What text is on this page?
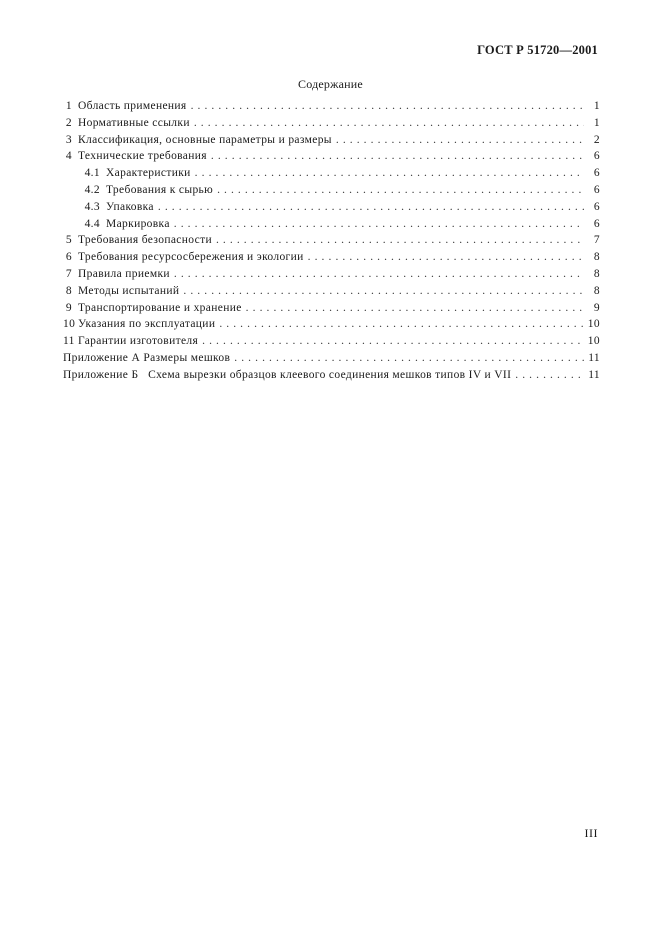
ГОСТ Р 51720—2001
Содержание
1 Область применения . . .	1
2 Нормативные ссылки . . .	1
3 Классификация, основные параметры и размеры . . .	2
4 Технические требования . . .	6
4.1 Характеристики . . .	6
4.2 Требования к сырью . . .	6
4.3 Упаковка . . .	6
4.4 Маркировка . . .	6
5 Требования безопасности . . .	7
6 Требования ресурсосбережения и экологии . . .	8
7 Правила приемки . . .	8
8 Методы испытаний . . .	8
9 Транспортирование и хранение . . .	9
10 Указания по эксплуатации . . .	10
11 Гарантии изготовителя . . .	10
Приложение А Размеры мешков . . .	11
Приложение Б   Схема вырезки образцов клеевого соединения мешков типов IV и VII . . .	11
III
